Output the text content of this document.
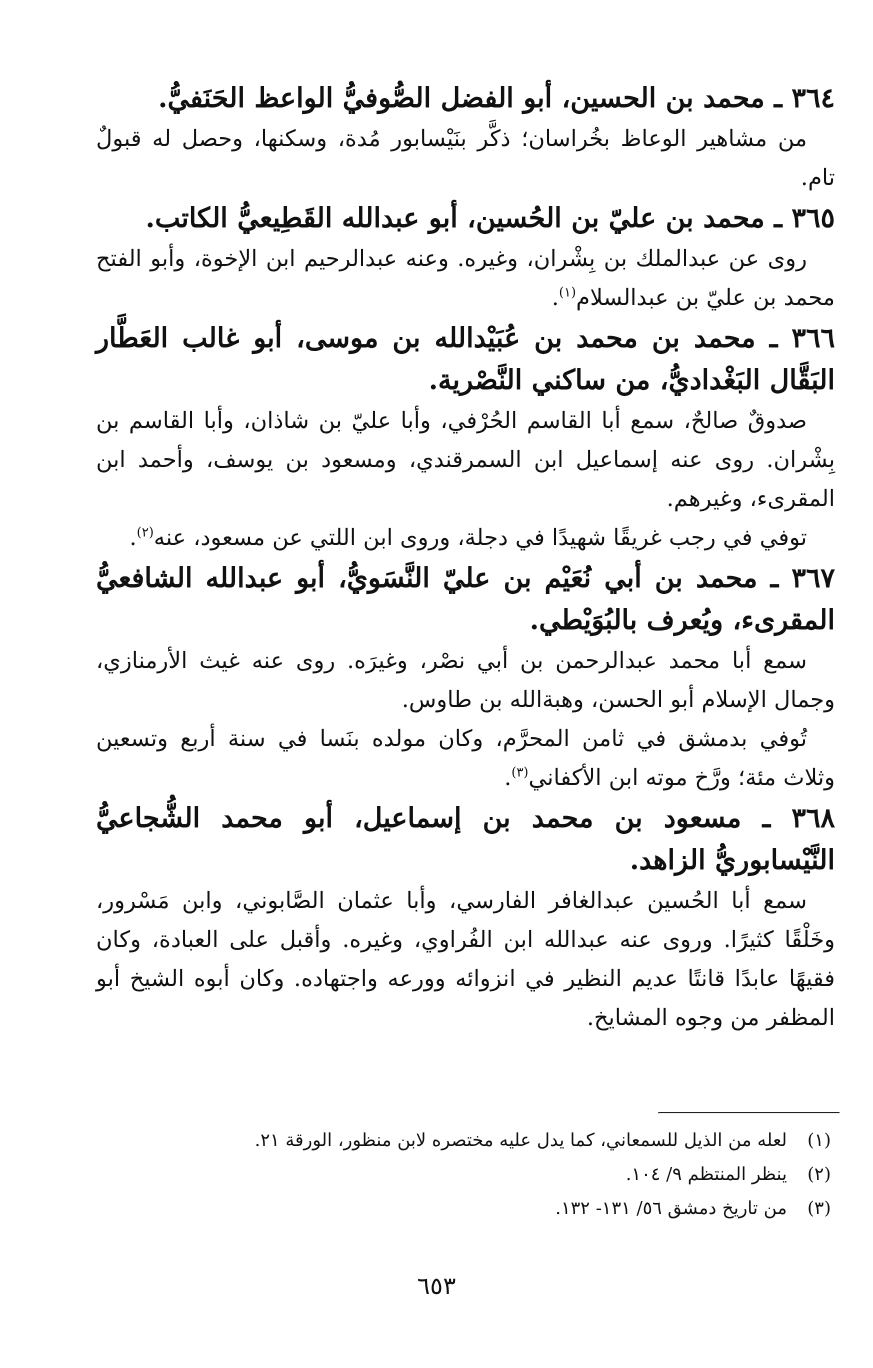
٣٦٤ ـ محمد بن الحسين، أبو الفضل الصُّوفيُّ الواعظ الحَنَفيُّ.

من مشاهير الوعاظ بخُراسان؛ ذكَّر بنَيْسابور مُدة، وسكنها، وحصل له قبولٌ تام.

٣٦٥ ـ محمد بن عليّ بن الحُسين، أبو عبدالله القَطِيعيُّ الكاتب.

روى عن عبدالملك بن بِشْران، وغيره. وعنه عبدالرحيم ابن الإخوة، وأبو الفتح محمد بن عليّ بن عبدالسلام$^{(١)}$.

٣٦٦ ـ محمد بن محمد بن عُبَيْدالله بن موسى، أبو غالب العَطَّار البَقَّال البَغْداديُّ، من ساكني النَّصْرية.

صدوقٌ صالحٌ، سمع أبا القاسم الحُرْفي، وأبا عليّ بن شاذان، وأبا القاسم بن بِشْران. روى عنه إسماعيل ابن السمرقندي، ومسعود بن يوسف، وأحمد ابن المقرىء، وغيرهم.

توفي في رجب غريقًا شهيدًا في دجلة، وروى ابن اللتي عن مسعود، عنه$^{(٢)}$.

٣٦٧ ـ محمد بن أبي نُعَيْم بن عليّ النَّسَويُّ، أبو عبدالله الشافعيُّ المقرىء، ويُعرف بالبُوَيْطي.

سمع أبا محمد عبدالرحمن بن أبي نصْر، وغيرَه. روى عنه غيث الأرمنازي، وجمال الإسلام أبو الحسن، وهبةالله بن طاوس.

تُوفي بدمشق في ثامن المحرَّم، وكان مولده بنَسا في سنة أربع وتسعين وثلاث مئة؛ ورَّخ موته ابن الأكفاني$^{(٣)}$.

٣٦٨ ـ مسعود بن محمد بن إسماعيل، أبو محمد الشُّجاعيُّ النَّيْسابوريُّ الزاهد.

سمع أبا الحُسين عبدالغافر الفارسي، وأبا عثمان الصَّابوني، وابن مَسْرور، وخَلْقًا كثيرًا. وروى عنه عبدالله ابن الفُراوي، وغيره. وأقبل على العبادة، وكان فقيهًا عابدًا قانتًا عديم النظير في انزوائه وورعه واجتهاده. وكان أبوه الشيخ أبو المظفر من وجوه المشايخ.

(١)
لعله من الذيل للسمعاني، كما يدل عليه مختصره لابن منظور، الورقة ٢١.
(٢)
ينظر المنتظم ٩/ ١٠٤.
(٣)
من تاريخ دمشق ٥٦/ ١٣١- ١٣٢.
٦٥٣
